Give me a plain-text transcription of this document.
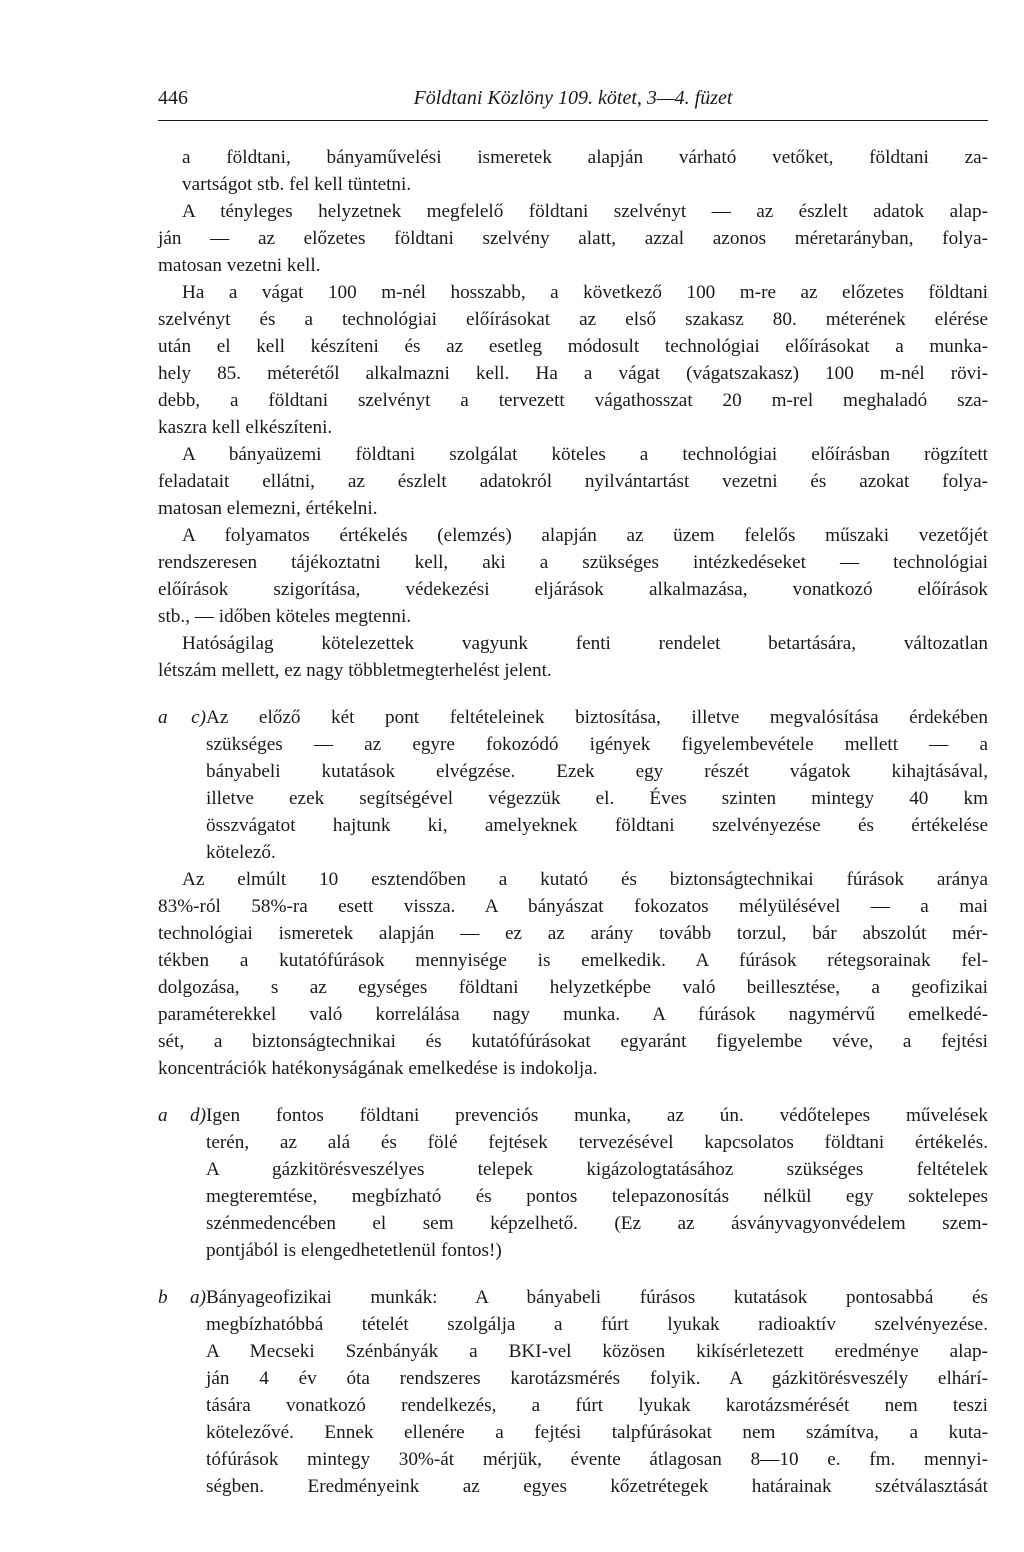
446	Földtani Közlöny 109. kötet, 3—4. füzet
a földtani, bányaművelési ismeretek alapján várható vetőket, földtani za-
vartságot stb. fel kell tüntetni.
A tényleges helyzetnek megfelelő földtani szelvényt — az észlelt adatok alap-
ján — az előzetes földtani szelvény alatt, azzal azonos méretarányban, folya-
matosan vezetni kell.
Ha a vágat 100 m-nél hosszabb, a következő 100 m-re az előzetes földtani
szelvényt és a technológiai előírásokat az első szakasz 80. méterének elérése
után el kell készíteni és az esetleg módosult technológiai előírásokat a munka-
hely 85. méterétől alkalmazni kell. Ha a vágat (vágatszakasz) 100 m-nél rövi-
debb, a földtani szelvényt a tervezett vágathosszat 20 m-rel meghaladó sza-
kaszra kell elkészíteni.
A bányaüzemi földtani szolgálat köteles a technológiai előírásban rögzített
feladatait ellátni, az észlelt adatokról nyilvántartást vezetni és azokat folya-
matosan elemezni, értékelni.
A folyamatos értékelés (elemzés) alapján az üzem felelős műszaki vezetőjét
rendszeresen tájékoztatni kell, aki a szükséges intézkedéseket — technológiai
előírások szigorítása, védekezési eljárások alkalmazása, vonatkozó előírások
stb., — időben köteles megtenni.
Hatóságilag kötelezettek vagyunk fenti rendelet betartására, változatlan
létszám mellett, ez nagy többletmegterhelést jelent.
a c)Az előző két pont feltételeinek biztosítása, illetve megvalósítása érdekében
szükséges — az egyre fokozódó igények figyelembevétele mellett — a
bányabeli kutatások elvégzése. Ezek egy részét vágatok kihajtásával,
illetve ezek segítségével végezzük el. Éves szinten mintegy 40 km
összvágatot hajtunk ki, amelyeknek földtani szelvényezése és értékelése
kötelező.
Az elmúlt 10 esztendőben a kutató és biztonságtechnikai fúrások aránya
83%-ról 58%-ra esett vissza. A bányászat fokozatos mélyülésével — a mai
technológiai ismeretek alapján — ez az arány tovább torzul, bár abszolút mér-
tékben a kutatófúrások mennyisége is emelkedik. A fúrások rétegsorainak fel-
dolgozása, s az egységes földtani helyzetképbe való beillesztése, a geofizikai
paraméterekkel való korrelálása nagy munka. A fúrások nagymérvű emelkedé-
sét, a biztonságtechnikai és kutatófúrásokat egyaránt figyelembe véve, a fejtési
koncentrációk hatékonyságának emelkedése is indokolja.
a d)Igen fontos földtani prevenciós munka, az ún. védőtelepes művelések
terén, az alá és fölé fejtések tervezésével kapcsolatos földtani értékelés.
A gázkitörésveszélyes telepek kigázologtatásához szükséges feltételek
megteremtése, megbízható és pontos telepazonosítás nélkül egy soktelepes
szénmedencében el sem képzelhető. (Ez az ásványvagyonvédelem szem-
pontjából is elengedhetetlenül fontos!)
b a)Bányageofizikai munkák: A bányabeli fúrásos kutatások pontosabbá és
megbízhatóbbá tételét szolgálja a fúrt lyukak radioaktív szelvényezése.
A Mecseki Szénbányák a BKI-vel közösen kikísérletezett eredménye alap-
ján 4 év óta rendszeres karotázsmérés folyik. A gázkitörésveszély elhárí-
tására vonatkozó rendelkezés, a fúrt lyukak karotázsmérését nem teszi
kötelezővé. Ennek ellenére a fejtési talpfúrásokat nem számítva, a kuta-
tófúrások mintegy 30%-át mérjük, évente átlagosan 8—10 e. fm. mennyi-
ségben. Eredményeink az egyes kőzetrétegek határainak szétválasztását
